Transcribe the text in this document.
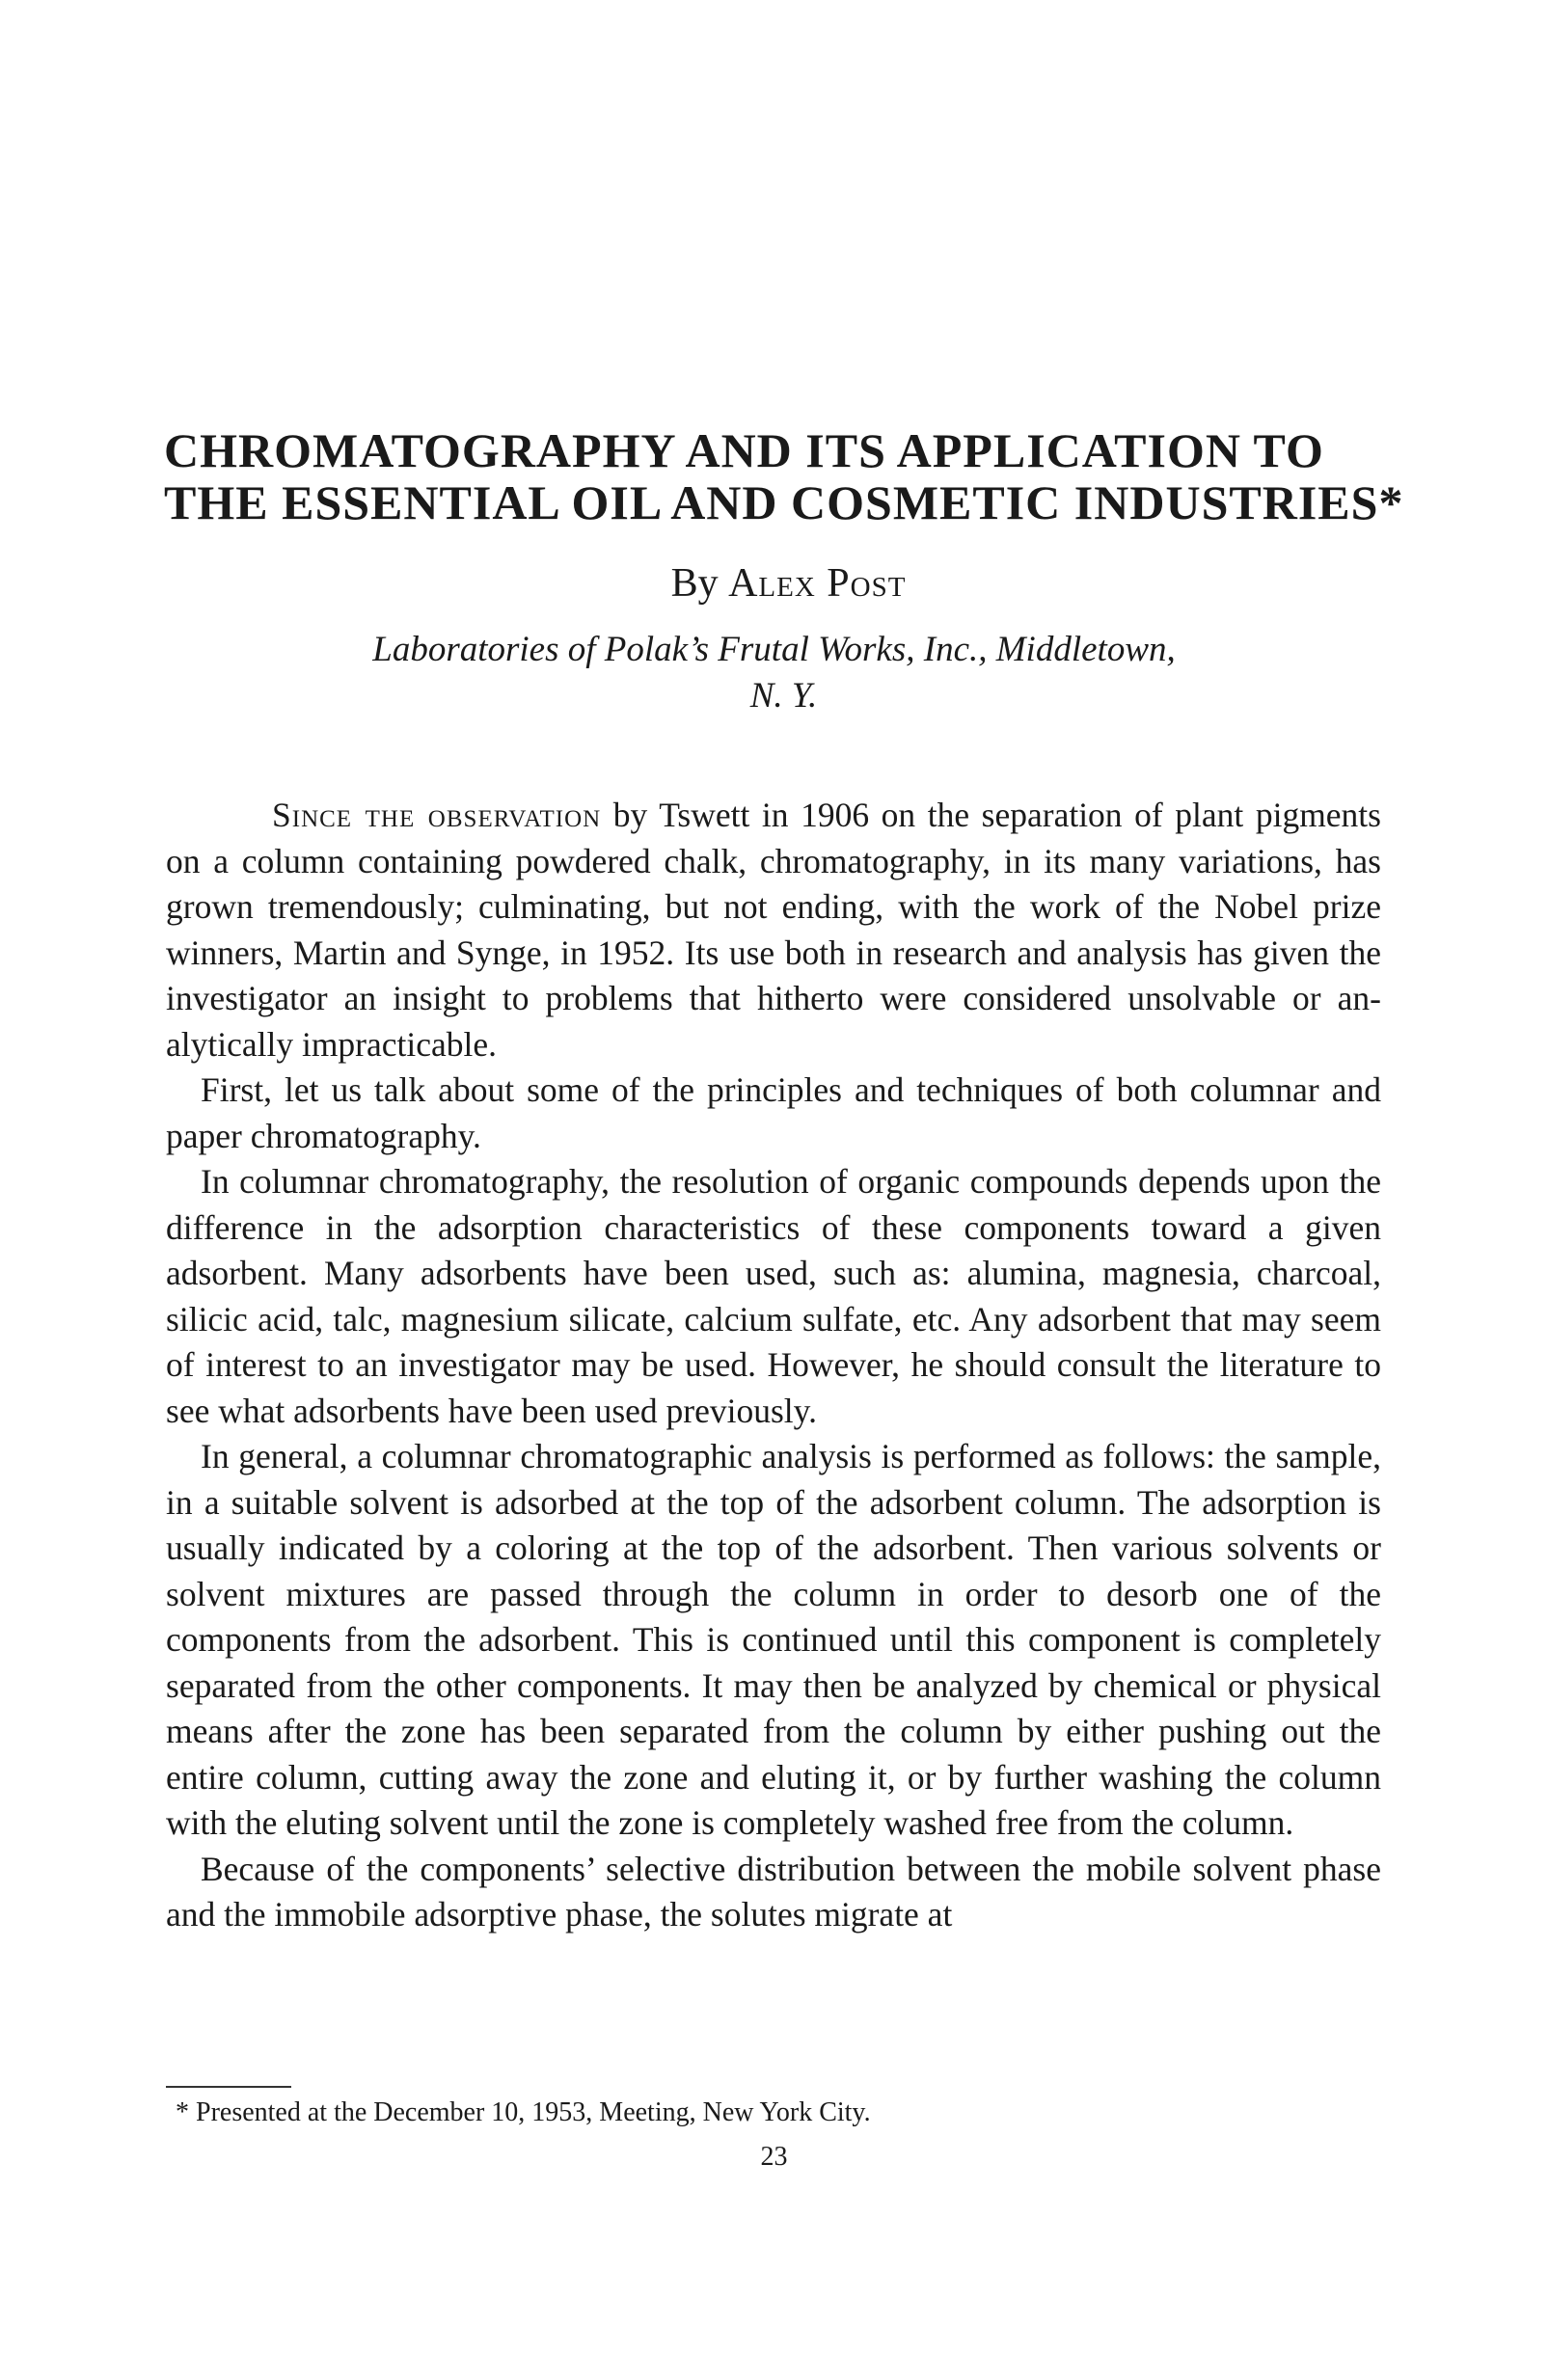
CHROMATOGRAPHY AND ITS APPLICATION TO
THE ESSENTIAL OIL AND COSMETIC INDUSTRIES*
By Alex Post
Laboratories of Polak’s Frutal Works, Inc., Middletown,
N. Y.

Since the observation by Tswett in 1906 on the separation of plant pigments on a column containing powdered chalk, chromatography, in its many variations, has grown tremendously; culminating, but not ending, with the work of the Nobel prize winners, Martin and Synge, in 1952. Its use both in research and analysis has given the investigator an insight to problems that hitherto were considered unsolvable or analytically impracticable.

First, let us talk about some of the principles and techniques of both columnar and paper chromatography.

In columnar chromatography, the resolution of organic compounds depends upon the difference in the adsorption characteristics of these components toward a given adsorbent. Many adsorbents have been used, such as: alumina, magnesia, charcoal, silicic acid, talc, magnesium silicate, calcium sulfate, etc. Any adsorbent that may seem of interest to an investigator may be used. However, he should consult the literature to see what adsorbents have been used previously.

In general, a columnar chromatographic analysis is performed as follows: the sample, in a suitable solvent is adsorbed at the top of the adsorbent column. The adsorption is usually indicated by a coloring at the top of the adsorbent. Then various solvents or solvent mixtures are passed through the column in order to desorb one of the components from the adsorbent. This is continued until this component is completely separated from the other components. It may then be analyzed by chemical or physical means after the zone has been separated from the column by either pushing out the entire column, cutting away the zone and eluting it, or by further washing the column with the eluting solvent until the zone is completely washed free from the column.

Because of the components’ selective distribution between the mobile solvent phase and the immobile adsorptive phase, the solutes migrate at

* Presented at the December 10, 1953, Meeting, New York City.
23
